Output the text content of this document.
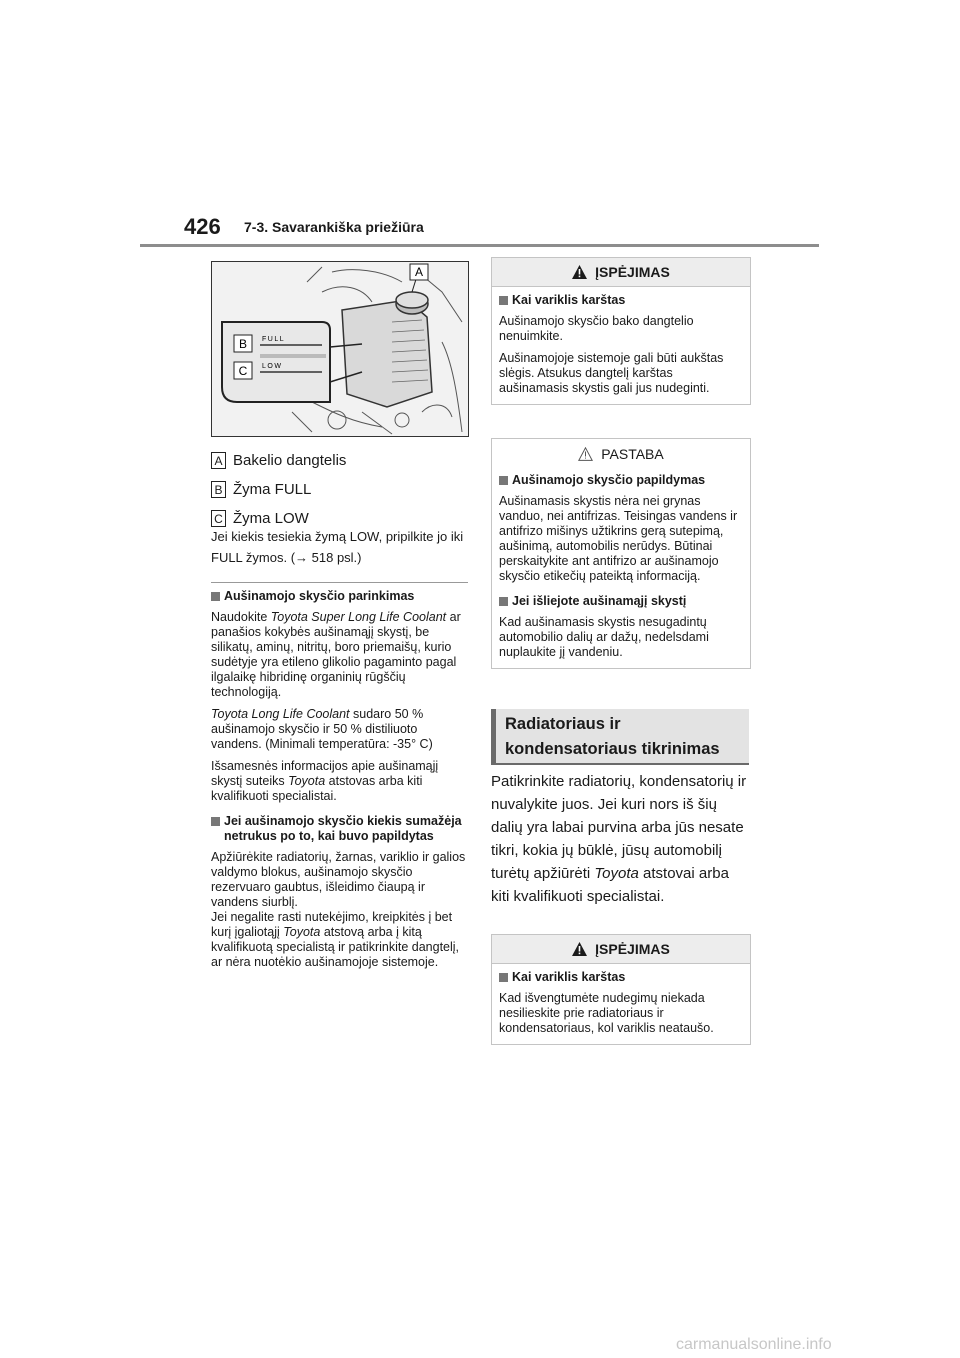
426 7-3. Savarankiška priežiūra
A
B
C
FULL
LOW
A Bakelio dangtelis
B Žyma FULL
C Žyma LOW
Jei kiekis tesiekia žymą LOW, pripilkite jo iki FULL žymos. (→ 518 psl.)
Aušinamojo skysčio parinkimas

Naudokite Toyota Super Long Life Coolant ar panašios kokybės aušinamąjį skystį, be silikatų, aminų, nitritų, boro priemaišų, kurio sudėtyje yra etileno glikolio pagaminto pagal ilgalaikę hibridinę organinių rūgščių technologiją.

Toyota Long Life Coolant sudaro 50 % aušinamojo skysčio ir 50 % distiliuoto vandens. (Minimali temperatūra: -35° C)

Išsamesnės informacijos apie aušinamąjį skystį suteiks Toyota atstovas arba kiti kvalifikuoti specialistai.

Jei aušinamojo skysčio kiekis sumažėja netrukus po to, kai buvo papildytas

Apžiūrėkite radiatorių, žarnas, variklio ir galios valdymo blokus, aušinamojo skysčio rezervuaro gaubtus, išleidimo čiaupą ir vandens siurblį.

Jei negalite rasti nutekėjimo, kreipkitės į bet kurį įgaliotąjį Toyota atstovą arba į kitą kvalifikuotą specialistą ir patikrinkite dangtelį, ar nėra nuotėkio aušinamojoje sistemoje.

ĮSPĖJIMAS
Kai variklis karštas

Aušinamojo skysčio bako dangtelio nenuimkite.

Aušinamojoje sistemoje gali būti aukštas slėgis. Atsukus dangtelį karštas aušinamasis skystis gali jus nudeginti.

PASTABA
Aušinamojo skysčio papildymas

Aušinamasis skystis nėra nei grynas vanduo, nei antifrizas. Teisingas vandens ir antifrizo mišinys užtikrins gerą sutepimą, aušinimą, automobilis nerūdys. Būtinai perskaitykite ant antifrizo ar aušinamojo skysčio etikečių pateiktą informaciją.

Jei išliejote aušinamąjį skystį

Kad aušinamasis skystis nesugadintų automobilio dalių ar dažų, nedelsdami nuplaukite jį vandeniu.

Radiatoriaus ir
kondensatoriaus tikrinimas
Patikrinkite radiatorių, kondensatorių ir nuvalykite juos. Jei kuri nors iš šių dalių yra labai purvina arba jūs nesate tikri, kokia jų būklė, jūsų automobilį turėtų apžiūrėti Toyota atstovai arba kiti kvalifikuoti specialistai.
ĮSPĖJIMAS
Kai variklis karštas

Kad išvengtumėte nudegimų niekada nesilieskite prie radiatoriaus ir kondensatoriaus, kol variklis neataušo.

carmanualsonline.info
